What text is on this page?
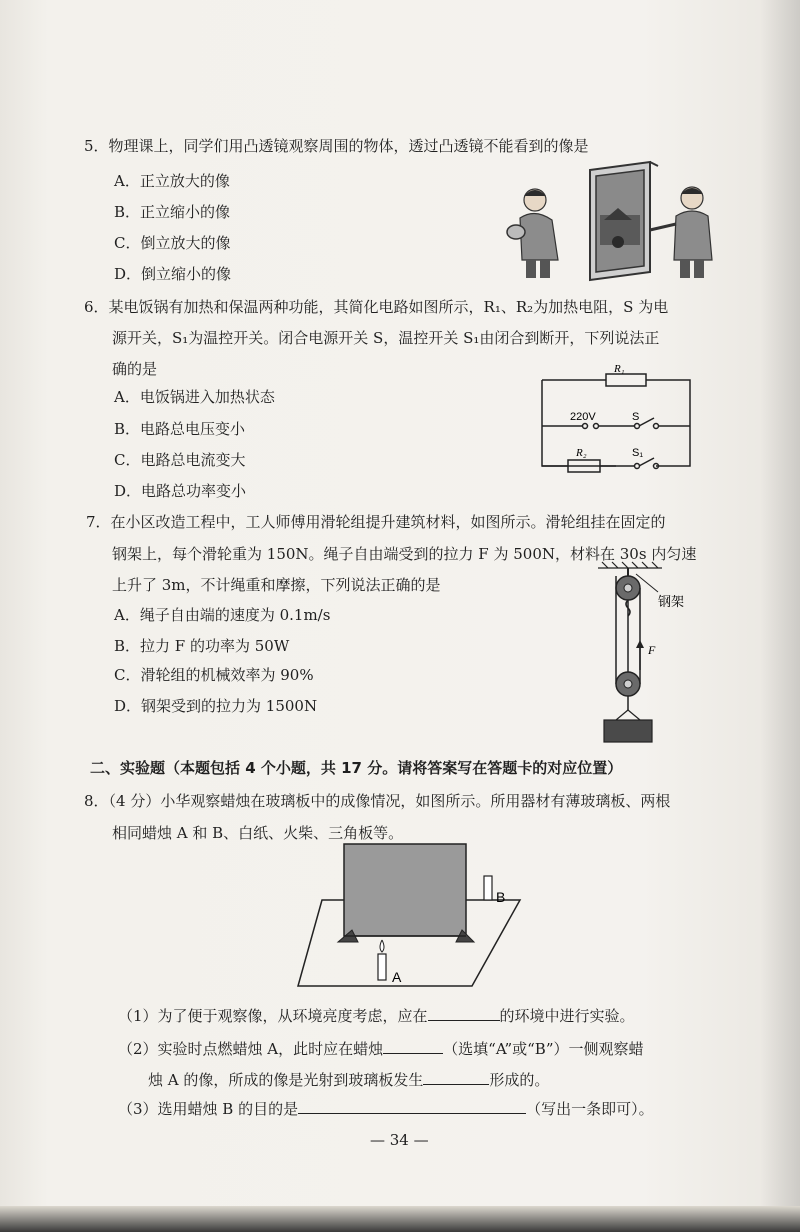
5．物理课上，同学们用凸透镜观察周围的物体，透过凸透镜不能看到的像是
A．正立放大的像
B．正立缩小的像
C．倒立放大的像
D．倒立缩小的像
6．某电饭锅有加热和保温两种功能，其简化电路如图所示，R₁、R₂为加热电阻，S 为电
源开关，S₁为温控开关。闭合电源开关 S，温控开关 S₁由闭合到断开，下列说法正
确的是
A．电饭锅进入加热状态
B．电路总电压变小
C．电路总电流变大
D．电路总功率变小
R₁
220V	S
R₂	S₁
7．在小区改造工程中，工人师傅用滑轮组提升建筑材料，如图所示。滑轮组挂在固定的
钢架上，每个滑轮重为 150N。绳子自由端受到的拉力 F 为 500N，材料在 30s 内匀速
上升了 3m，不计绳重和摩擦，下列说法正确的是
A．绳子自由端的速度为 0.1m/s
B．拉力 F 的功率为 50W
C．滑轮组的机械效率为 90%
D．钢架受到的拉力为 1500N
F
钢架
二、实验题（本题包括 4 个小题，共 17 分。请将答案写在答题卡的对应位置）
8．（4 分）小华观察蜡烛在玻璃板中的成像情况，如图所示。所用器材有薄玻璃板、两根
相同蜡烛 A 和 B、白纸、火柴、三角板等。
B
A
（1）为了便于观察像，从环境亮度考虑，应在	的环境中进行实验。
（2）实验时点燃蜡烛 A，此时应在蜡烛	（选填“A”或“B”）一侧观察蜡
烛 A 的像，所成的像是光射到玻璃板发生	形成的。
（3）选用蜡烛 B 的目的是	（写出一条即可）。
— 34 —
